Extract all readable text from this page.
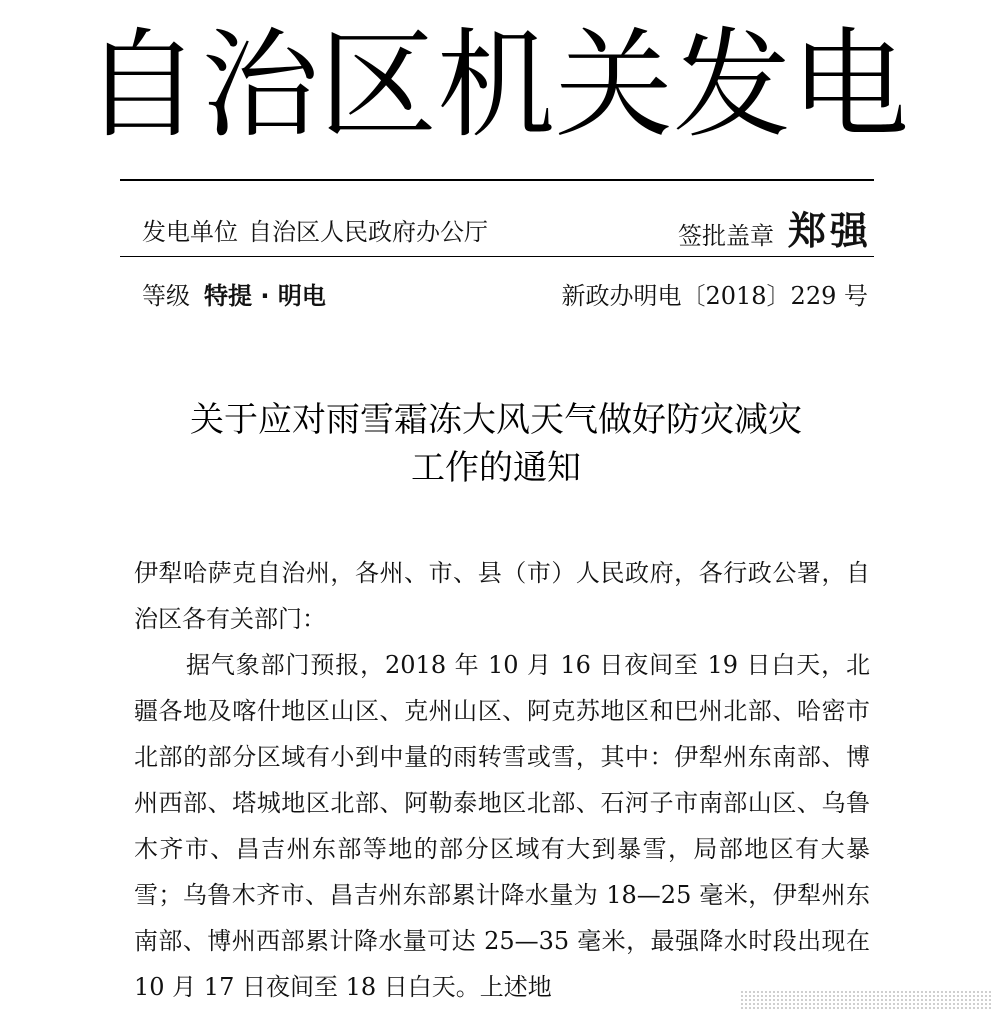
自治区机关发电
发电单位 自治区人民政府办公厅	签批盖章 郑强
等级 特提 · 明电	新政办明电〔2018〕229 号
关于应对雨雪霜冻大风天气做好防灾减灾
工作的通知

伊犁哈萨克自治州，各州、市、县（市）人民政府，各行政公署，自治区各有关部门：

据气象部门预报，2018 年 10 月 16 日夜间至 19 日白天，北疆各地及喀什地区山区、克州山区、阿克苏地区和巴州北部、哈密市北部的部分区域有小到中量的雨转雪或雪，其中：伊犁州东南部、博州西部、塔城地区北部、阿勒泰地区北部、石河子市南部山区、乌鲁木齐市、昌吉州东部等地的部分区域有大到暴雪，局部地区有大暴雪；乌鲁木齐市、昌吉州东部累计降水量为 18—25 毫米，伊犁州东南部、博州西部累计降水量可达 25—35 毫米，最强降水时段出现在 10 月 17 日夜间至 18 日白天。上述地
